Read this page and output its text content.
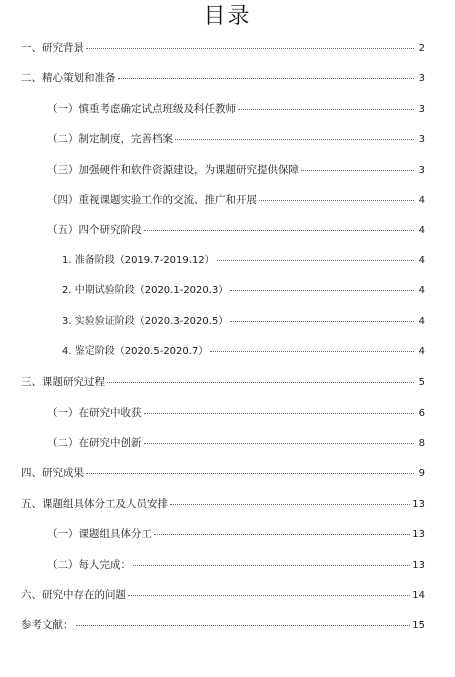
目录
一、研究背景	2
二、精心策划和准备	3
（一）慎重考虑确定试点班级及科任教师	3
（二）制定制度，完善档案	3
（三）加强硬件和软件资源建设，为课题研究提供保障	3
（四）重视课题实验工作的交流、推广和开展	4
（五）四个研究阶段	4
1. 准备阶段（2019.7-2019.12）	4
2. 中期试验阶段（2020.1-2020.3）	4
3. 实验验证阶段（2020.3-2020.5）	4
4. 鉴定阶段（2020.5-2020.7）	4
三、课题研究过程	5
（一）在研究中收获	6
（二）在研究中创新	8
四、研究成果	9
五、课题组具体分工及人员安排	13
（一）课题组具体分工	13
（二）每人完成：	13
六、研究中存在的问题	14
参考文献：	15
